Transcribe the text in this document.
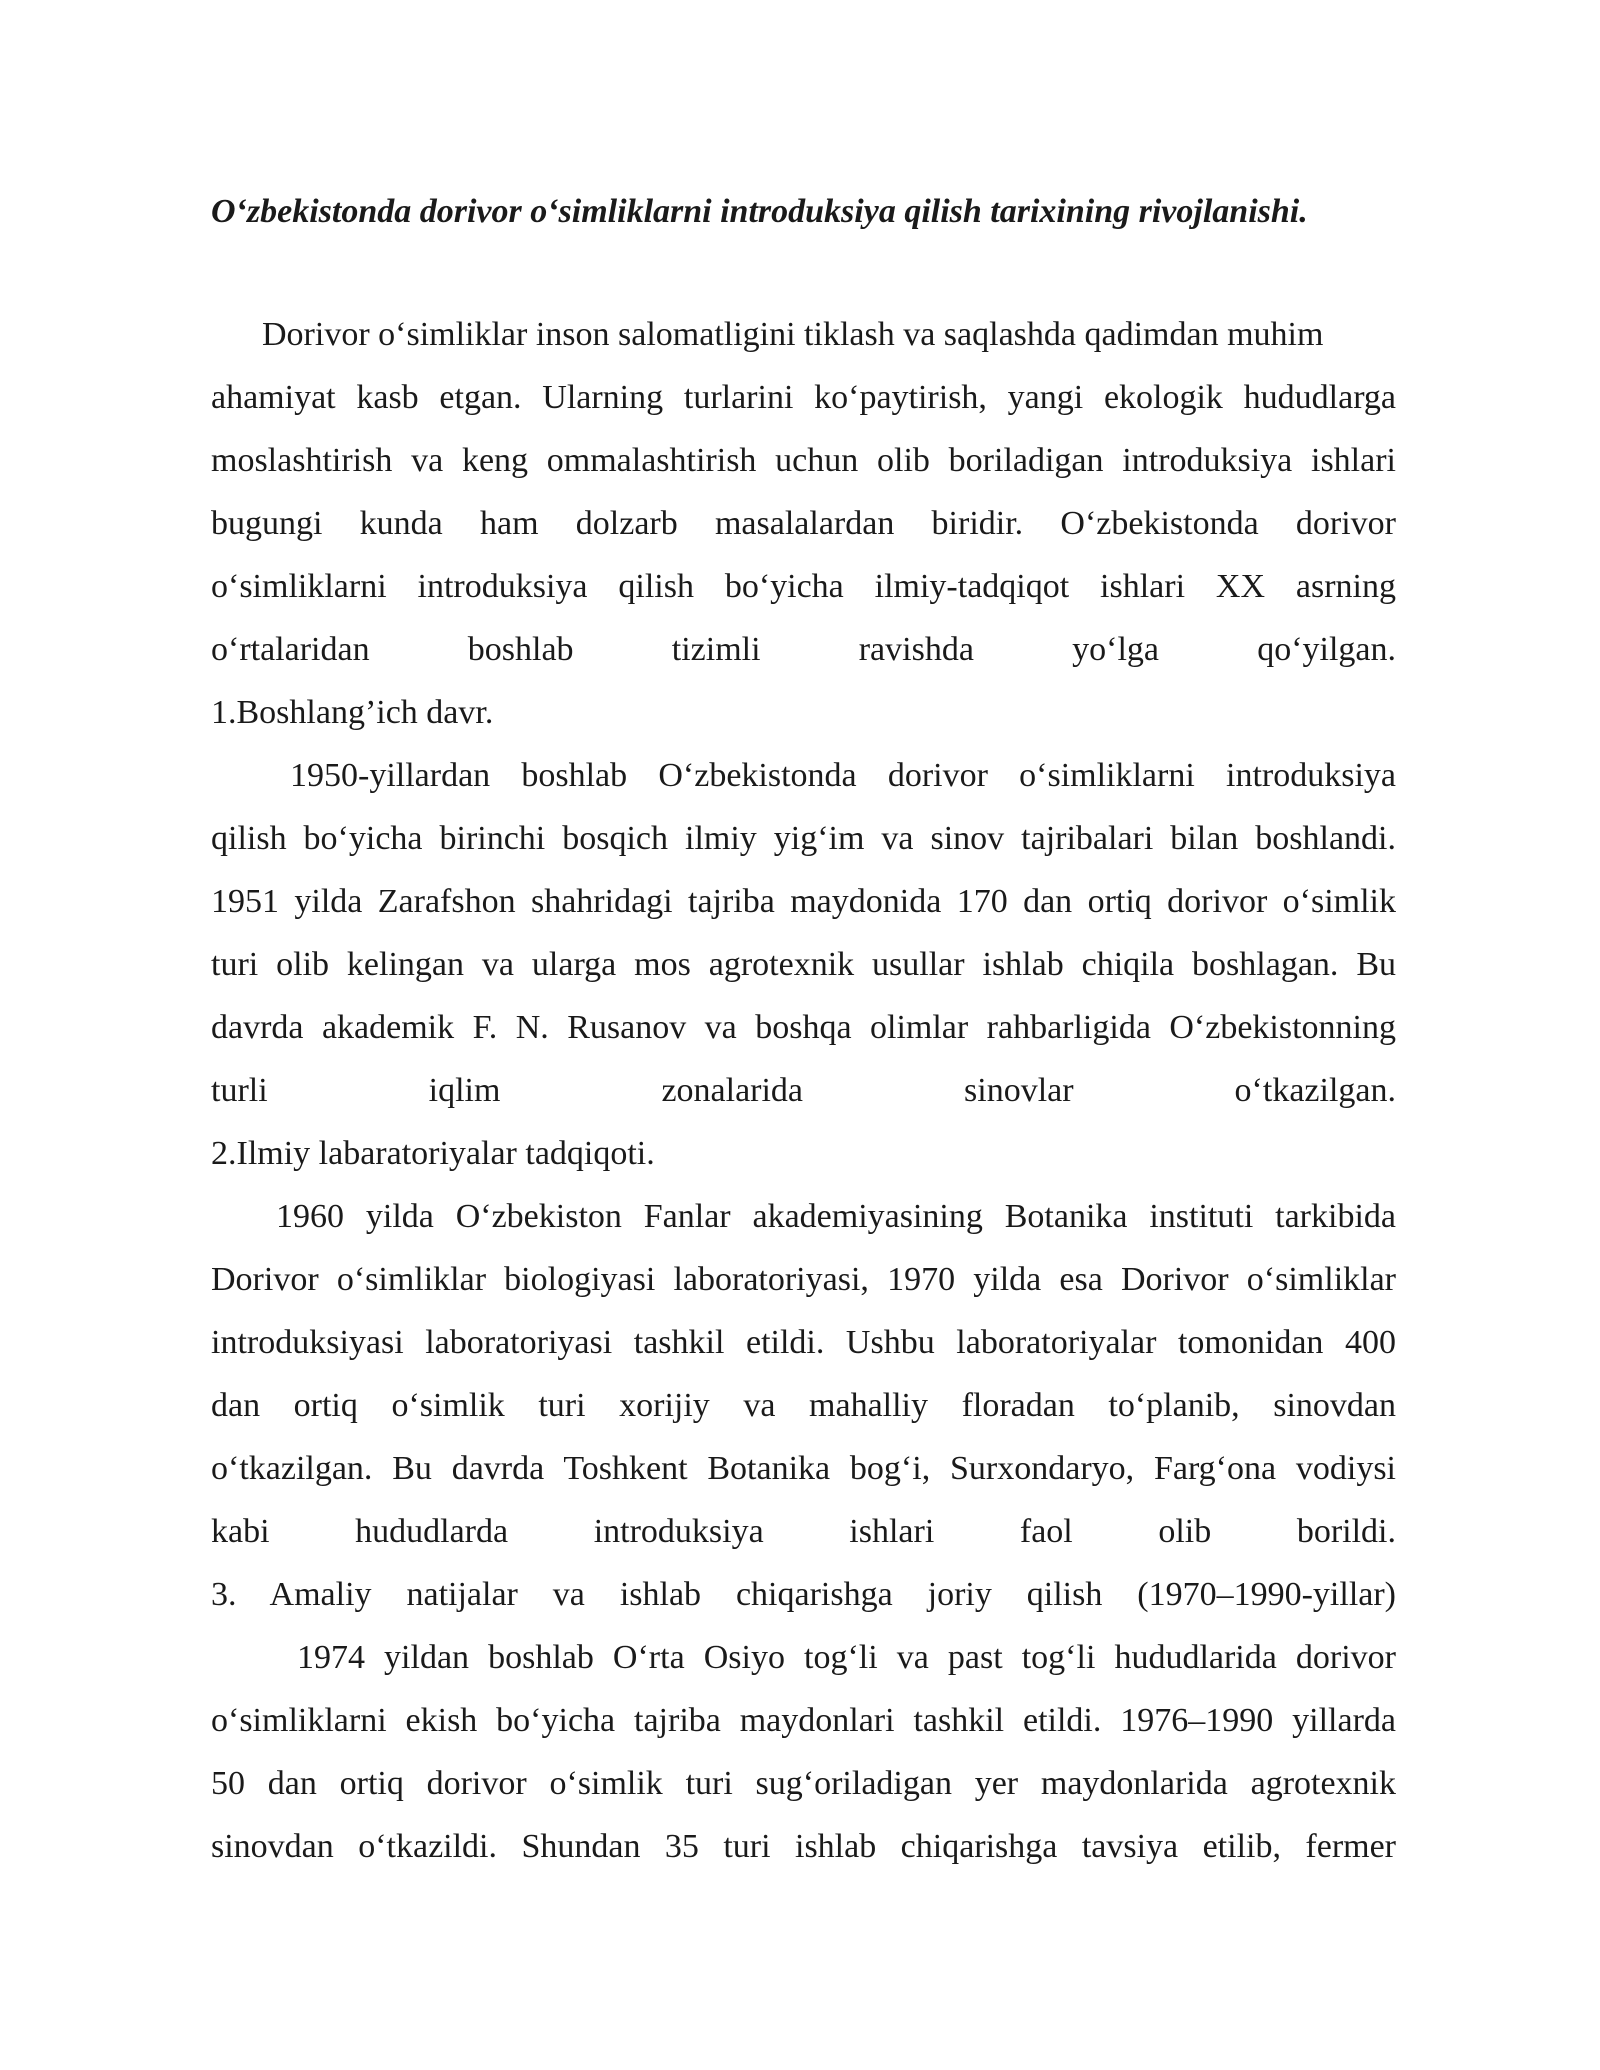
O‘zbekistonda dorivor o‘simliklarni introduksiya qilish tarixining rivojlanishi.
Dorivor o‘simliklar inson salomatligini tiklash va saqlashda qadimdan muhim
ahamiyat kasb etgan. Ularning turlarini ko‘paytirish, yangi ekologik hududlarga
moslashtirish va keng ommalashtirish uchun olib boriladigan introduksiya ishlari
bugungi kunda ham dolzarb masalalardan biridir. O‘zbekistonda dorivor
o‘simliklarni introduksiya qilish bo‘yicha ilmiy-tadqiqot ishlari XX asrning
o‘rtalaridan boshlab tizimli ravishda yo‘lga qo‘yilgan.
1.Boshlang’ich davr.
1950-yillardan boshlab O‘zbekistonda dorivor o‘simliklarni introduksiya
qilish bo‘yicha birinchi bosqich ilmiy yig‘im va sinov tajribalari bilan boshlandi.
1951 yilda Zarafshon shahridagi tajriba maydonida 170 dan ortiq dorivor o‘simlik
turi olib kelingan va ularga mos agrotexnik usullar ishlab chiqila boshlagan. Bu
davrda akademik F. N. Rusanov va boshqa olimlar rahbarligida O‘zbekistonning
turli iqlim zonalarida sinovlar o‘tkazilgan.
2.Ilmiy labaratoriyalar tadqiqoti.
1960 yilda O‘zbekiston Fanlar akademiyasining Botanika instituti tarkibida
Dorivor o‘simliklar biologiyasi laboratoriyasi, 1970 yilda esa Dorivor o‘simliklar
introduksiyasi laboratoriyasi tashkil etildi. Ushbu laboratoriyalar tomonidan 400
dan ortiq o‘simlik turi xorijiy va mahalliy floradan to‘planib, sinovdan
o‘tkazilgan. Bu davrda Toshkent Botanika bog‘i, Surxondaryo, Farg‘ona vodiysi
kabi hududlarda introduksiya ishlari faol olib borildi.
3. Amaliy natijalar va ishlab chiqarishga joriy qilish (1970–1990-yillar)
1974 yildan boshlab O‘rta Osiyo tog‘li va past tog‘li hududlarida dorivor
o‘simliklarni ekish bo‘yicha tajriba maydonlari tashkil etildi. 1976–1990 yillarda
50 dan ortiq dorivor o‘simlik turi sug‘oriladigan yer maydonlarida agrotexnik
sinovdan o‘tkazildi. Shundan 35 turi ishlab chiqarishga tavsiya etilib, fermer
